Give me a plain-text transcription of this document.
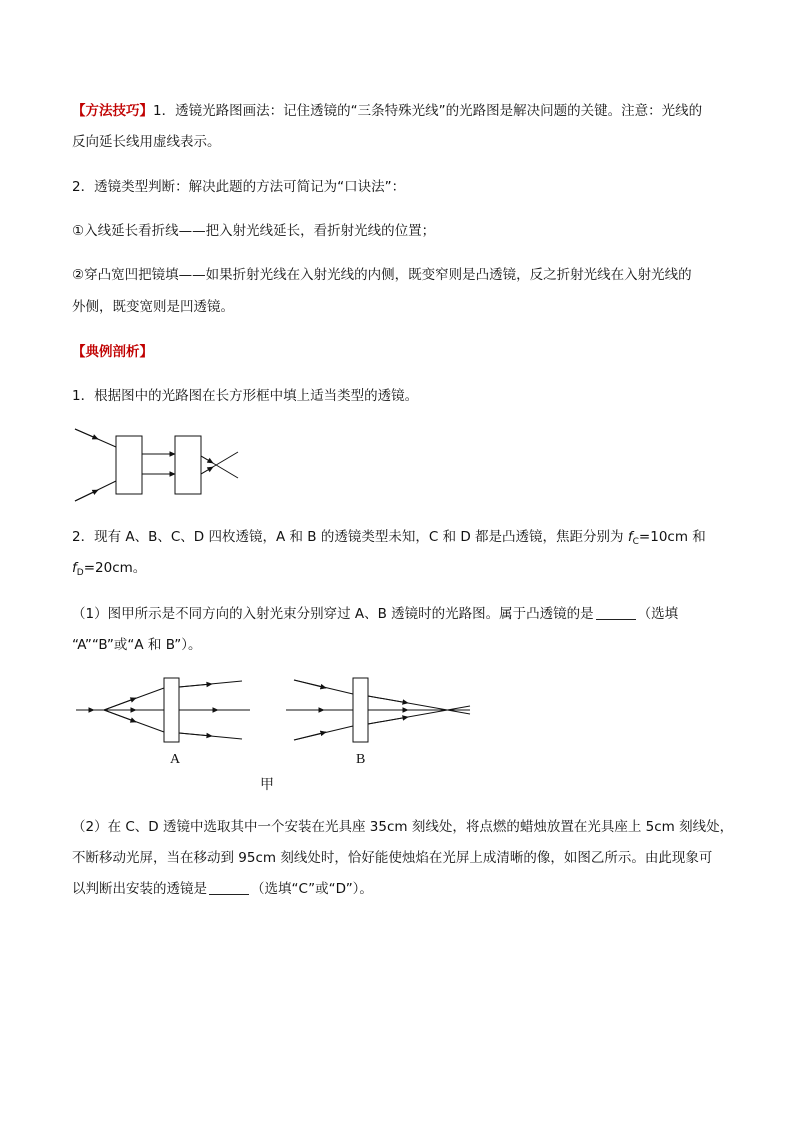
【方法技巧】1．透镜光路图画法：记住透镜的“三条特殊光线”的光路图是解决问题的关键。注意：光线的
反向延长线用虚线表示。
2．透镜类型判断：解决此题的方法可简记为“口诀法”：
①入线延长看折线——把入射光线延长，看折射光线的位置；
②穿凸宽凹把镜填——如果折射光线在入射光线的内侧，既变窄则是凸透镜，反之折射光线在入射光线的
外侧，既变宽则是凹透镜。
【典例剖析】
1．根据图中的光路图在长方形框中填上适当类型的透镜。
2．现有 A、B、C、D 四枚透镜，A 和 B 的透镜类型未知，C 和 D 都是凸透镜，焦距分别为 $f_C=10cm$ 和
$f_D=20cm$。
（1）图甲所示是不同方向的入射光束分别穿过 A、B 透镜时的光路图。属于凸透镜的是	（选填
“A”“B”或“A 和 B”）。
A	B
甲
（2）在 C、D 透镜中选取其中一个安装在光具座 35cm 刻线处，将点燃的蜡烛放置在光具座上 5cm 刻线处，
不断移动光屏，当在移动到 95cm 刻线处时，恰好能使烛焰在光屏上成清晰的像，如图乙所示。由此现象可
以判断出安装的透镜是	（选填“C”或“D”）。
